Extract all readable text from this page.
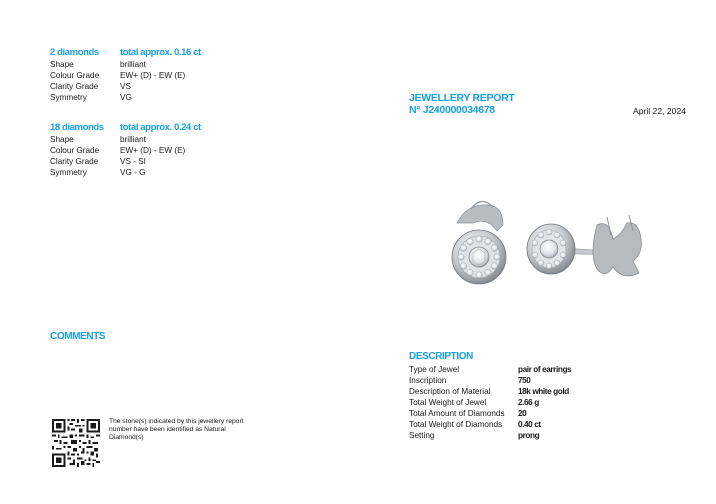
2 diamonds	total approx. 0.16 ct
Shape	brilliant
Colour Grade	EW+ (D) - EW (E)
Clarity Grade	VS
Symmetry	VG
18 diamonds	total approx. 0.24 ct
Shape	brilliant
Colour Grade	EW+ (D) - EW (E)
Clarity Grade	VS - SI
Symmetry	VG - G
JEWELLERY REPORT
N° J240000034678	April 22, 2024
COMMENTS
The stone(s) indicated by this jewellery report number have been identified as Natural Diamond(s)
DESCRIPTION
Type of Jewel	pair of earrings
Inscription	750
Description of Material	18k white gold
Total Weight of Jewel	2.66 g
Total Amount of Diamonds	20
Total Weight of Diamonds	0.40 ct
Setting	prong
